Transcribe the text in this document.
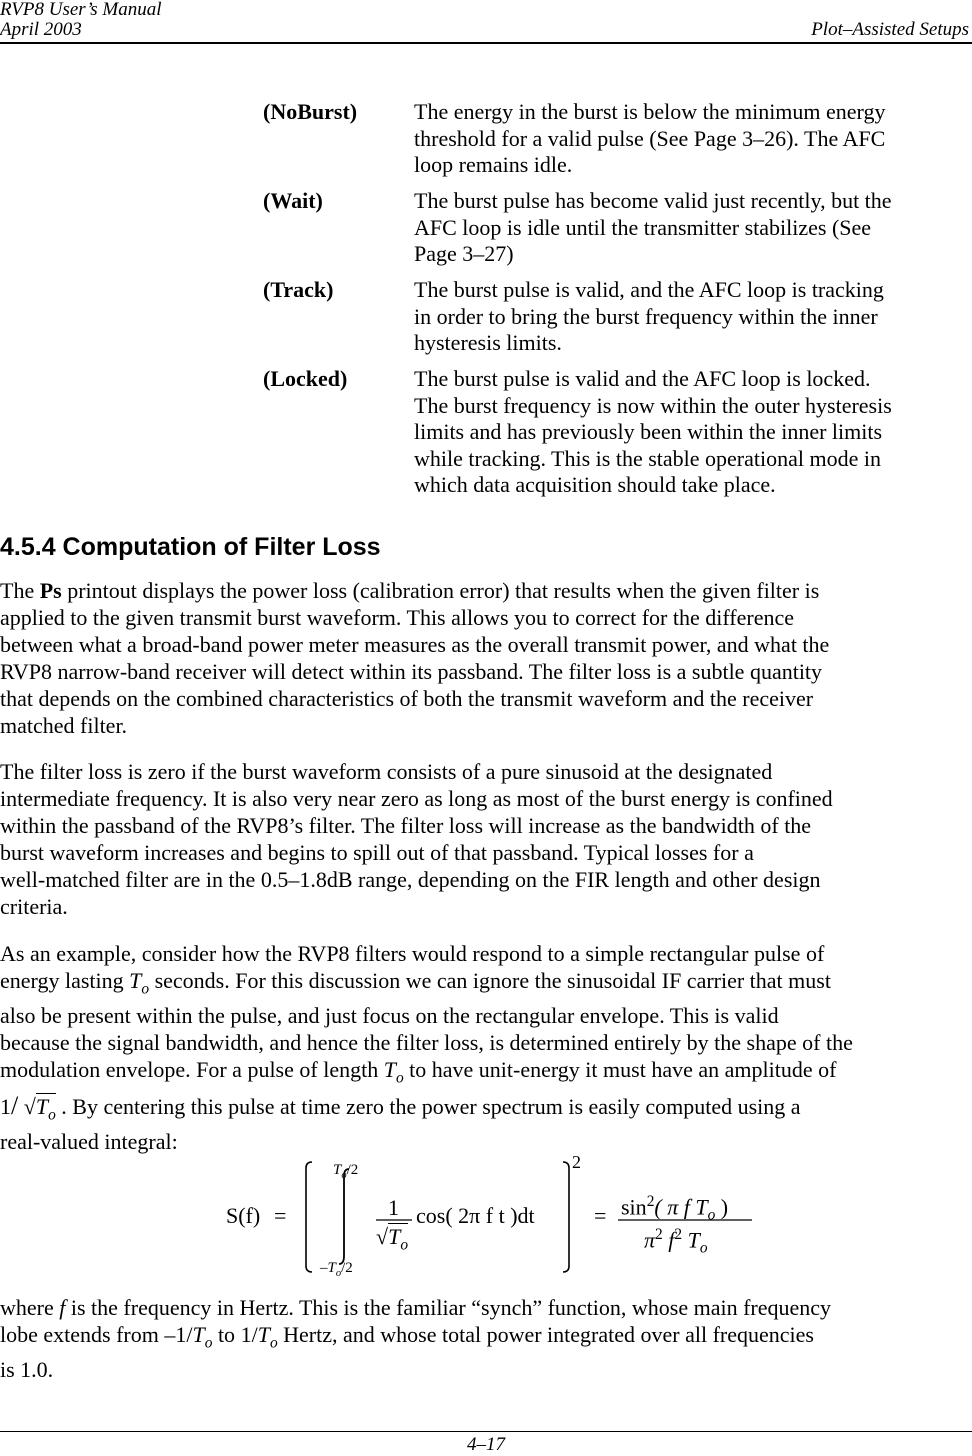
RVP8 User’s Manual
April 2003	Plot–Assisted Setups
(NoBurst)	The energy in the burst is below the minimum energy
threshold for a valid pulse (See Page 3–26). The AFC
loop remains idle.
(Wait)	The burst pulse has become valid just recently, but the
AFC loop is idle until the transmitter stabilizes (See
Page 3–27)
(Track)	The burst pulse is valid, and the AFC loop is tracking
in order to bring the burst frequency within the inner
hysteresis limits.
(Locked)	The burst pulse is valid and the AFC loop is locked.
The burst frequency is now within the outer hysteresis
limits and has previously been within the inner limits
while tracking. This is the stable operational mode in
which data acquisition should take place.
4.5.4 Computation of Filter Loss
The Ps printout displays the power loss (calibration error) that results when the given filter is
applied to the given transmit burst waveform. This allows you to correct for the difference
between what a broad-band power meter measures as the overall transmit power, and what the
RVP8 narrow-band receiver will detect within its passband. The filter loss is a subtle quantity
that depends on the combined characteristics of both the transmit waveform and the receiver
matched filter.
The filter loss is zero if the burst waveform consists of a pure sinusoid at the designated
intermediate frequency. It is also very near zero as long as most of the burst energy is confined
within the passband of the RVP8’s filter. The filter loss will increase as the bandwidth of the
burst waveform increases and begins to spill out of that passband. Typical losses for a
well-matched filter are in the 0.5–1.8dB range, depending on the FIR length and other design
criteria.
As an example, consider how the RVP8 filters would respond to a simple rectangular pulse of
energy lasting $T_o$ seconds. For this discussion we can ignore the sinusoidal IF carrier that must
also be present within the pulse, and just focus on the rectangular envelope. This is valid
because the signal bandwidth, and hence the filter loss, is determined entirely by the shape of the
modulation envelope. For a pulse of length $T_o$ to have unit-energy it must have an amplitude of
1/ $√T_o$ . By centering this pulse at time zero the power spectrum is easily computed using a
real-valued integral:
S(f) =
$T_o/2$
$-T_o/2$
1
$√T_o$
cos( 2π f t )dt
2
= $\sin^2$( π f $T_o$ )
$\pi^2$ $f^2$ $T_o$
where f is the frequency in Hertz. This is the familiar “synch” function, whose main frequency
lobe extends from $-1/T_o$ to $1/T_o$ Hertz, and whose total power integrated over all frequencies
is 1.0.
4–17
